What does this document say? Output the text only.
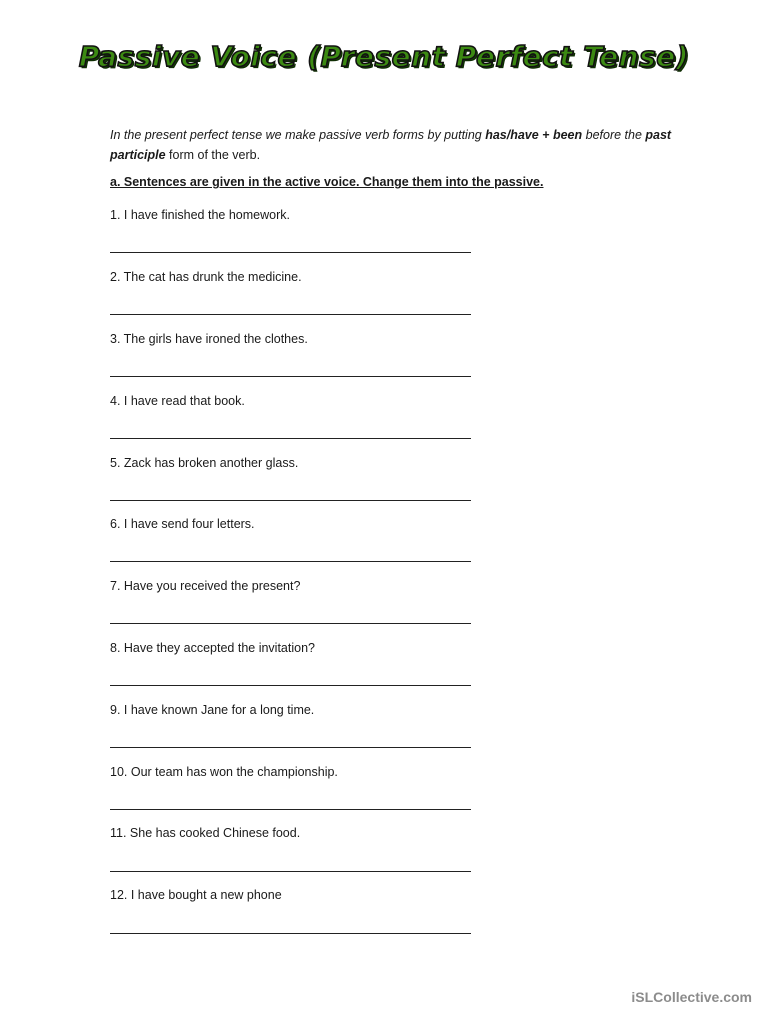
Passive Voice (Present Perfect Tense)
In the present perfect tense we make passive verb forms by putting has/have + been before the past participle form of the verb.
a. Sentences are given in the active voice. Change them into the passive.
1. I have finished the homework.
2. The cat has drunk the medicine.
3. The girls have ironed the clothes.
4. I have read that book.
5. Zack has broken another glass.
6. I have send four letters.
7. Have you received the present?
8. Have they accepted the invitation?
9. I have known Jane for a long time.
10. Our team has won the championship.
11. She has cooked Chinese food.
12. I have bought a new phone
iSLCollective.com
